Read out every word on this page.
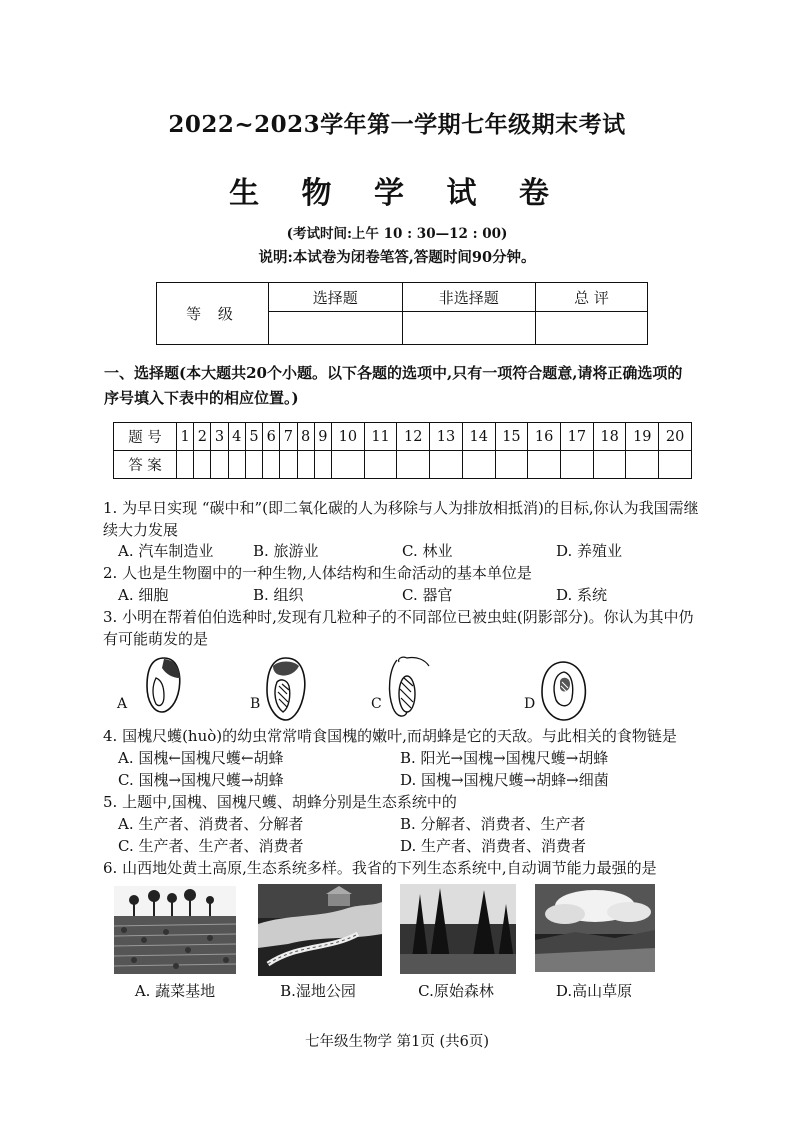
2022~2023学年第一学期七年级期末考试
生 物 学 试 卷
(考试时间:上午 10 : 30—12 : 00)
说明:本试卷为闭卷笔答,答题时间90分钟。
等 级	选择题	非选择题	总 评

一、选择题(本大题共20个小题。以下各题的选项中,只有一项符合题意,请将正确选项的序号填入下表中的相应位置。)
题 号	1	2	3	4	5	6	7	8	9	10	11	12	13	14	15	16	17	18	19	20
答 案																				
1. 为早日实现 “碳中和”(即二氧化碳的人为移除与人为排放相抵消)的目标,你认为我国需继续大力发展
A. 汽车制造业	B. 旅游业	C. 林业	D. 养殖业
2. 人也是生物圈中的一种生物,人体结构和生命活动的基本单位是
A. 细胞	B. 组织	C. 器官	D. 系统
3. 小明在帮着伯伯选种时,发现有几粒种子的不同部位已被虫蛀(阴影部分)。你认为其中仍有可能萌发的是
A	B	C	D
4. 国槐尺蠖(huò)的幼虫常常啃食国槐的嫩叶,而胡蜂是它的天敌。与此相关的食物链是
A. 国槐←国槐尺蠖←胡蜂	B. 阳光→国槐→国槐尺蠖→胡蜂
C. 国槐→国槐尺蠖→胡蜂	D. 国槐→国槐尺蠖→胡蜂→细菌
5. 上题中,国槐、国槐尺蠖、胡蜂分别是生态系统中的
A. 生产者、消费者、分解者	B. 分解者、消费者、生产者
C. 生产者、生产者、消费者	D. 生产者、消费者、消费者
6. 山西地处黄土高原,生态系统多样。我省的下列生态系统中,自动调节能力最强的是
A. 蔬菜基地	B.湿地公园	C.原始森林	D.高山草原
七年级生物学 第1页 (共6页)
